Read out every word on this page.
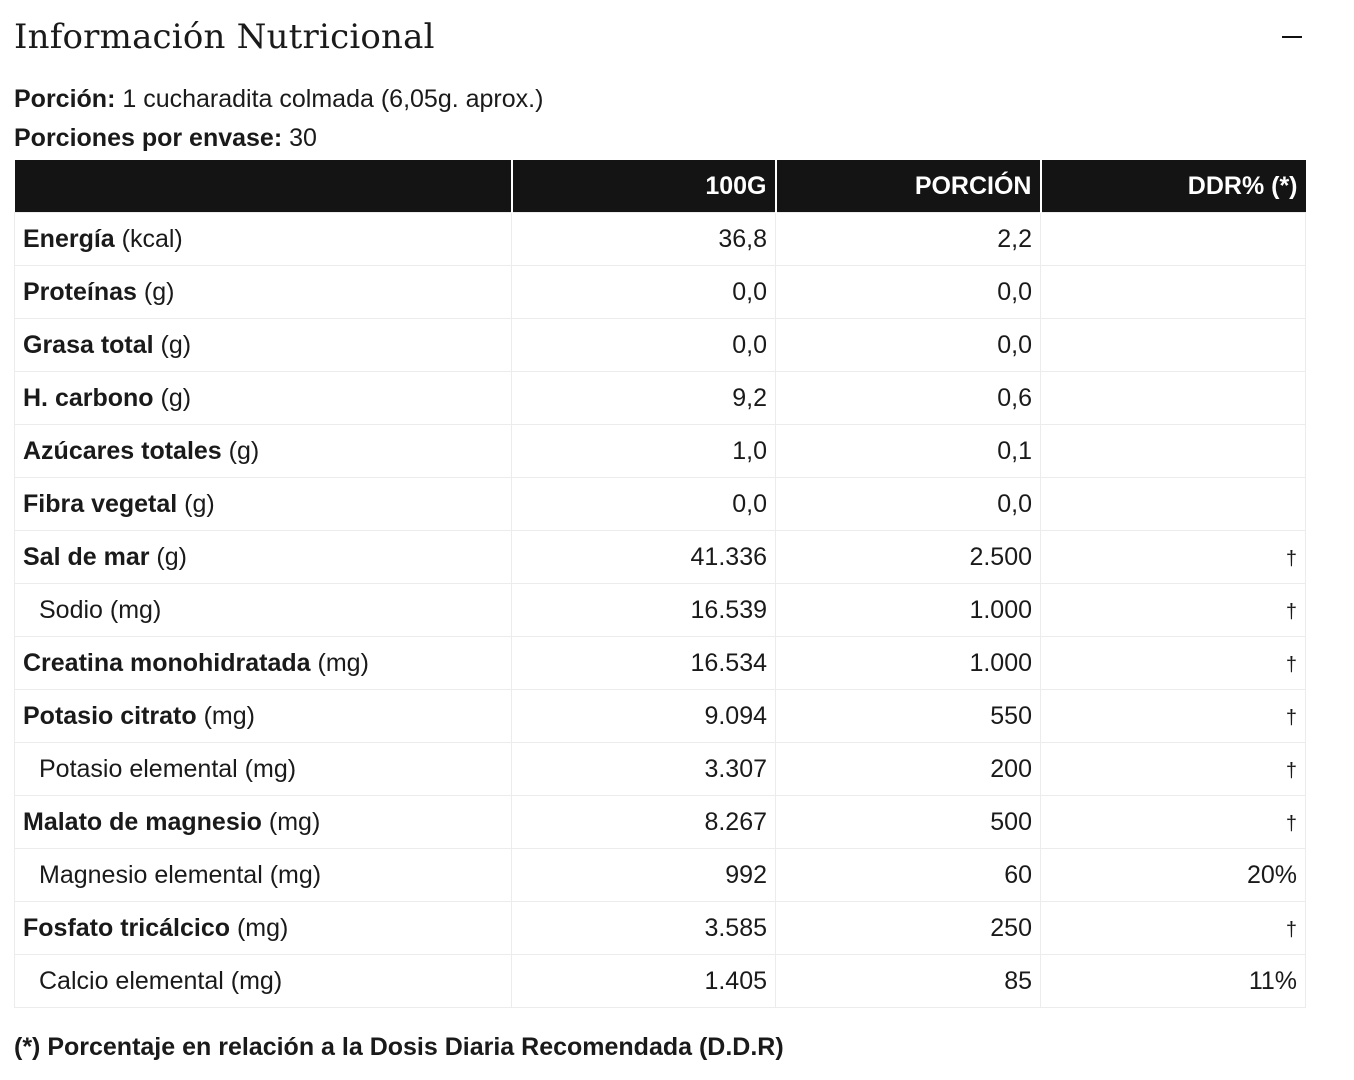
Información Nutricional
Porción: 1 cucharadita colmada (6,05g. aprox.)
Porciones por envase: 30
	100G	PORCIÓN	DDR% (*)
Energía (kcal)	36,8	2,2	
Proteínas (g)	0,0	0,0	
Grasa total (g)	0,0	0,0	
H. carbono (g)	9,2	0,6	
Azúcares totales (g)	1,0	0,1	
Fibra vegetal (g)	0,0	0,0	
Sal de mar (g)	41.336	2.500	†
Sodio (mg)	16.539	1.000	†
Creatina monohidratada (mg)	16.534	1.000	†
Potasio citrato (mg)	9.094	550	†
Potasio elemental (mg)	3.307	200	†
Malato de magnesio (mg)	8.267	500	†
Magnesio elemental (mg)	992	60	20%
Fosfato tricálcico (mg)	3.585	250	†
Calcio elemental (mg)	1.405	85	11%
(*) Porcentaje en relación a la Dosis Diaria Recomendada (D.D.R)
